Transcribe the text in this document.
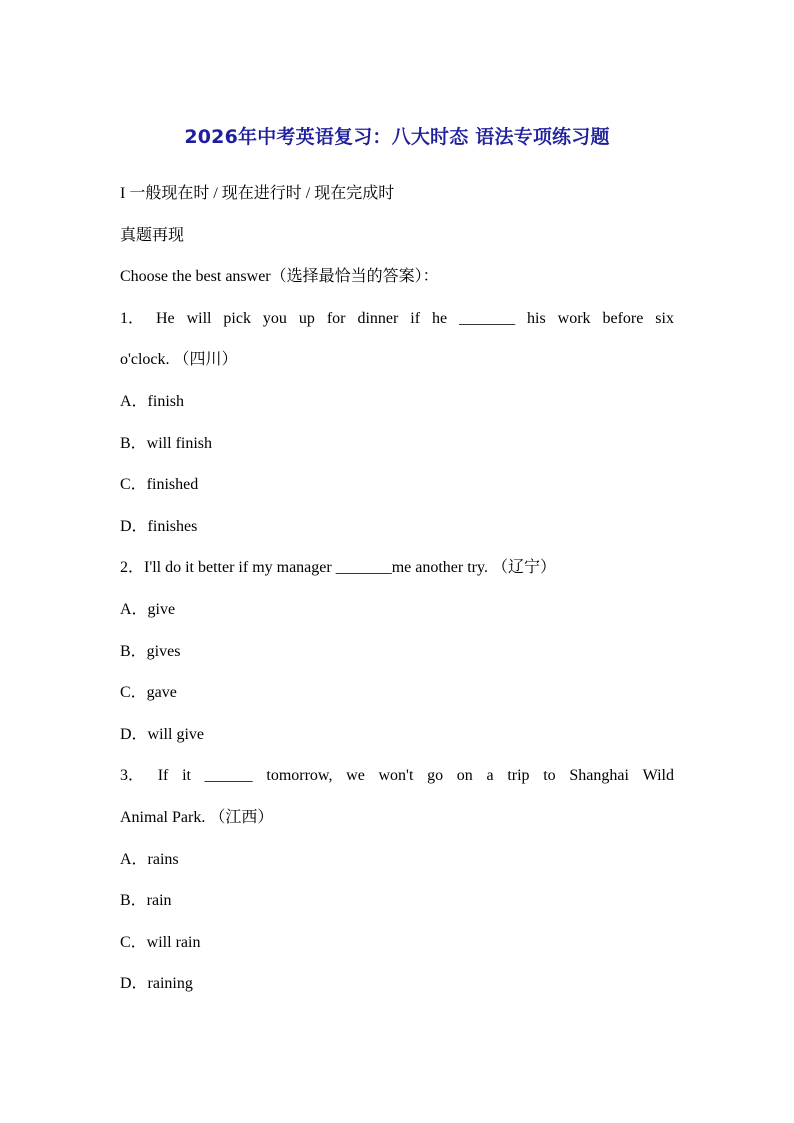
2026年中考英语复习：八大时态 语法专项练习题
I 一般现在时 / 现在进行时 / 现在完成时
真题再现
Choose the best answer（选择最恰当的答案）：
1． He will pick you up for dinner if he _______ his work before six
o'clock. （四川）
A．finish
B．will finish
C．finished
D．finishes
2．I'll do it better if my manager _______me another try. （辽宁）
A．give
B．gives
C．gave
D．will give
3． If it ______ tomorrow, we won't go on a trip to Shanghai Wild
Animal Park. （江西）
A．rains
B．rain
C．will rain
D．raining
